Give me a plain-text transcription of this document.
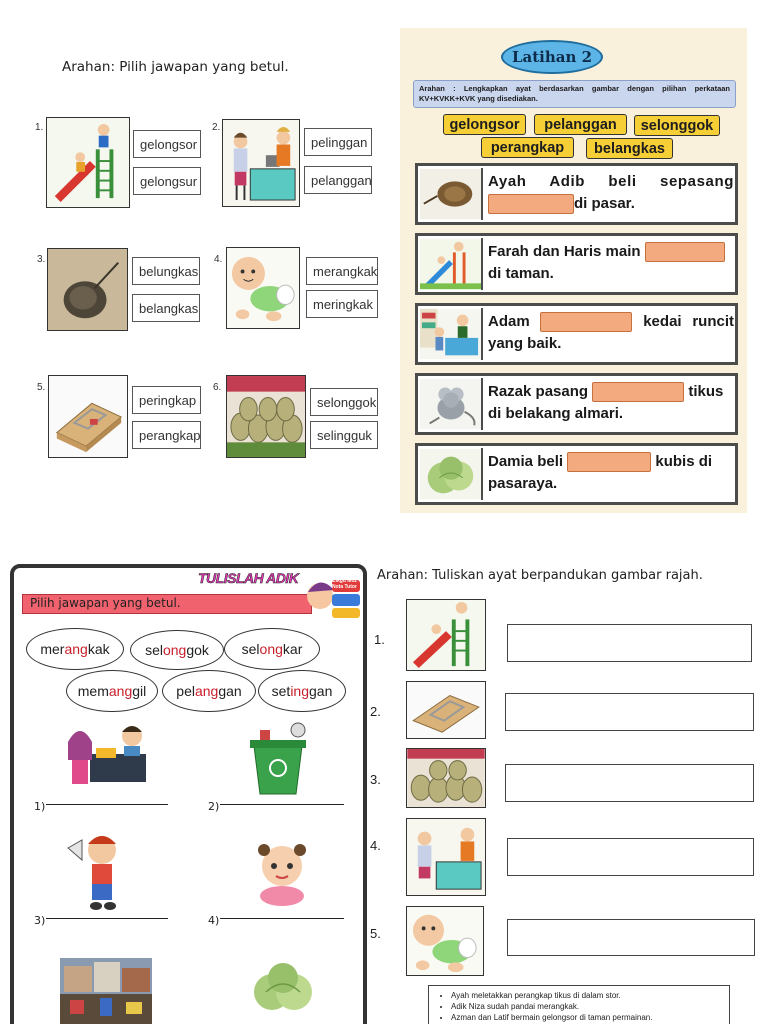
Arahan: Pilih jawapan yang betul.
1.
gelongsor
gelongsur
2.
pelinggan
pelanggan
3.
belungkas
belangkas
4.
merangkak
meringkak
5.
peringkap
perangkap
6.
selonggok
selingguk
Latihan 2
Arahan : Lengkapkan ayat berdasarkan gambar dengan pilihan perkataan KV+KVKK+KVK yang disediakan.
gelongsor	pelanggan	selonggok
perangkap	belangkas
Ayah Adib beli sepasang di pasar.
Farah dan Haris main
di taman.
Adam	kedai runcit yang baik.
Razak pasang	tikus di belakang almari.
Damia beli	kubis di pasaraya.
TULISLAH ADIK	Cikgu Moz Nota Tutor
Pilih jawapan yang betul.
mer ang kak	sel ong gok sel ong kar
mem ang gil pel ang gan set ing gan
1)	2)
3)	4)
Arahan: Tuliskan ayat berpandukan gambar rajah.
1.
2.
3.
4.
5.
• Ayah meletakkan perangkap tikus di dalam stor.
• Adik Niza sudah pandai merangkak.
• Azman dan Latif bermain gelongsor di taman permainan.
